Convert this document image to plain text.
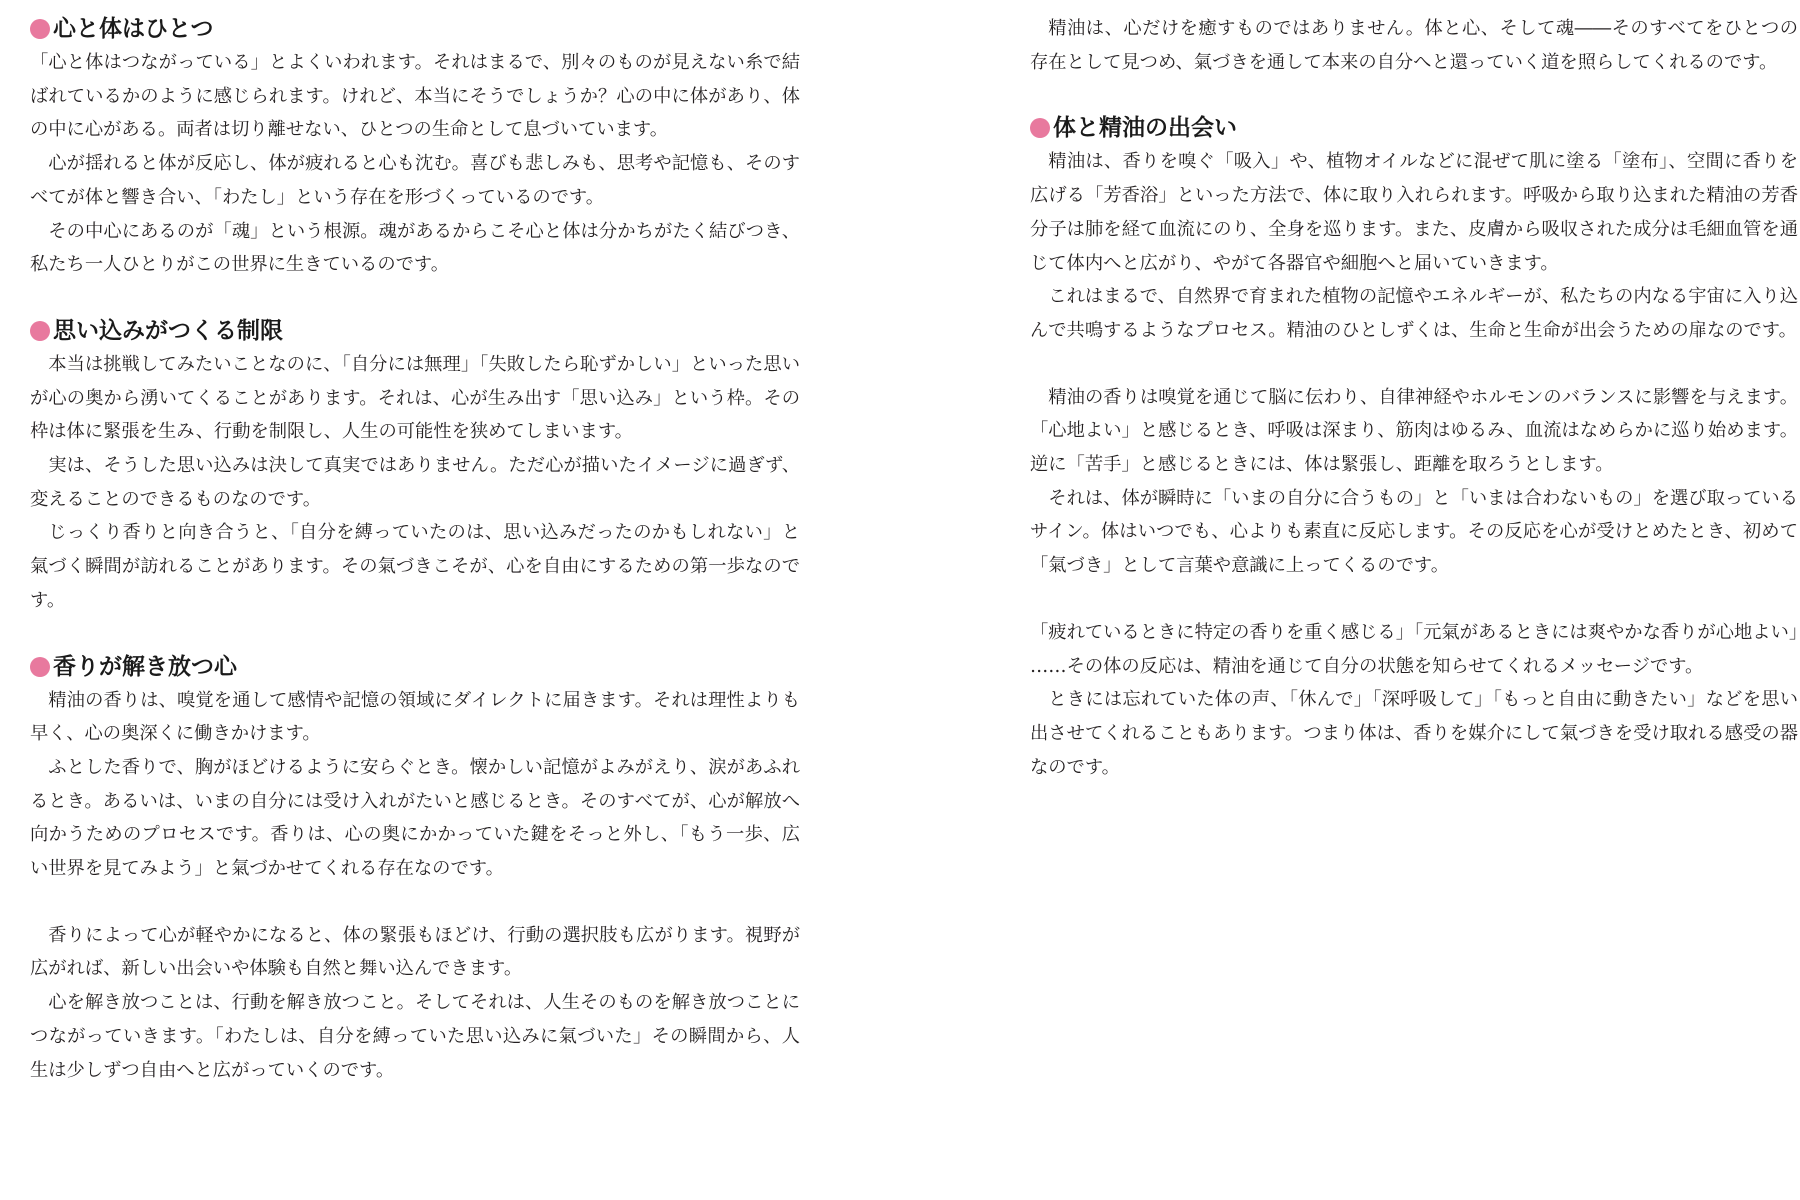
心と体はひとつ

「心と体はつながっている」とよくいわれます。それはまるで、別々のものが見えない糸で結ばれているかのように感じられます。けれど、本当にそうでしょうか？心の中に体があり、体の中に心がある。両者は切り離せない、ひとつの生命として息づいています。

心が揺れると体が反応し、体が疲れると心も沈む。喜びも悲しみも、思考や記憶も、そのすべてが体と響き合い、「わたし」という存在を形づくっているのです。

その中心にあるのが「魂」という根源。魂があるからこそ心と体は分かちがたく結びつき、私たち一人ひとりがこの世界に生きているのです。

思い込みがつくる制限

本当は挑戦してみたいことなのに、「自分には無理」「失敗したら恥ずかしい」といった思いが心の奥から湧いてくることがあります。それは、心が生み出す「思い込み」という枠。その枠は体に緊張を生み、行動を制限し、人生の可能性を狭めてしまいます。

実は、そうした思い込みは決して真実ではありません。ただ心が描いたイメージに過ぎず、変えることのできるものなのです。

じっくり香りと向き合うと、「自分を縛っていたのは、思い込みだったのかもしれない」と氣づく瞬間が訪れることがあります。その氣づきこそが、心を自由にするための第一歩なのです。

香りが解き放つ心

精油の香りは、嗅覚を通して感情や記憶の領域にダイレクトに届きます。それは理性よりも早く、心の奥深くに働きかけます。

ふとした香りで、胸がほどけるように安らぐとき。懐かしい記憶がよみがえり、涙があふれるとき。あるいは、いまの自分には受け入れがたいと感じるとき。そのすべてが、心が解放へ向かうためのプロセスです。香りは、心の奥にかかっていた鍵をそっと外し、「もう一歩、広い世界を見てみよう」と氣づかせてくれる存在なのです。

香りによって心が軽やかになると、体の緊張もほどけ、行動の選択肢も広がります。視野が広がれば、新しい出会いや体験も自然と舞い込んできます。

心を解き放つことは、行動を解き放つこと。そしてそれは、人生そのものを解き放つことにつながっていきます。「わたしは、自分を縛っていた思い込みに氣づいた」その瞬間から、人生は少しずつ自由へと広がっていくのです。

精油は、心だけを癒すものではありません。体と心、そして魂――そのすべてをひとつの存在として見つめ、氣づきを通して本来の自分へと還っていく道を照らしてくれるのです。

体と精油の出会い

精油は、香りを嗅ぐ「吸入」や、植物オイルなどに混ぜて肌に塗る「塗布」、空間に香りを広げる「芳香浴」といった方法で、体に取り入れられます。呼吸から取り込まれた精油の芳香分子は肺を経て血流にのり、全身を巡ります。また、皮膚から吸収された成分は毛細血管を通じて体内へと広がり、やがて各器官や細胞へと届いていきます。

これはまるで、自然界で育まれた植物の記憶やエネルギーが、私たちの内なる宇宙に入り込んで共鳴するようなプロセス。精油のひとしずくは、生命と生命が出会うための扉なのです。

精油の香りは嗅覚を通じて脳に伝わり、自律神経やホルモンのバランスに影響を与えます。「心地よい」と感じるとき、呼吸は深まり、筋肉はゆるみ、血流はなめらかに巡り始めます。逆に「苦手」と感じるときには、体は緊張し、距離を取ろうとします。

それは、体が瞬時に「いまの自分に合うもの」と「いまは合わないもの」を選び取っているサイン。体はいつでも、心よりも素直に反応します。その反応を心が受けとめたとき、初めて「氣づき」として言葉や意識に上ってくるのです。

「疲れているときに特定の香りを重く感じる」「元氣があるときには爽やかな香りが心地よい」……その体の反応は、精油を通じて自分の状態を知らせてくれるメッセージです。

ときには忘れていた体の声、「休んで」「深呼吸して」「もっと自由に動きたい」などを思い出させてくれることもあります。つまり体は、香りを媒介にして氣づきを受け取れる感受の器なのです。
